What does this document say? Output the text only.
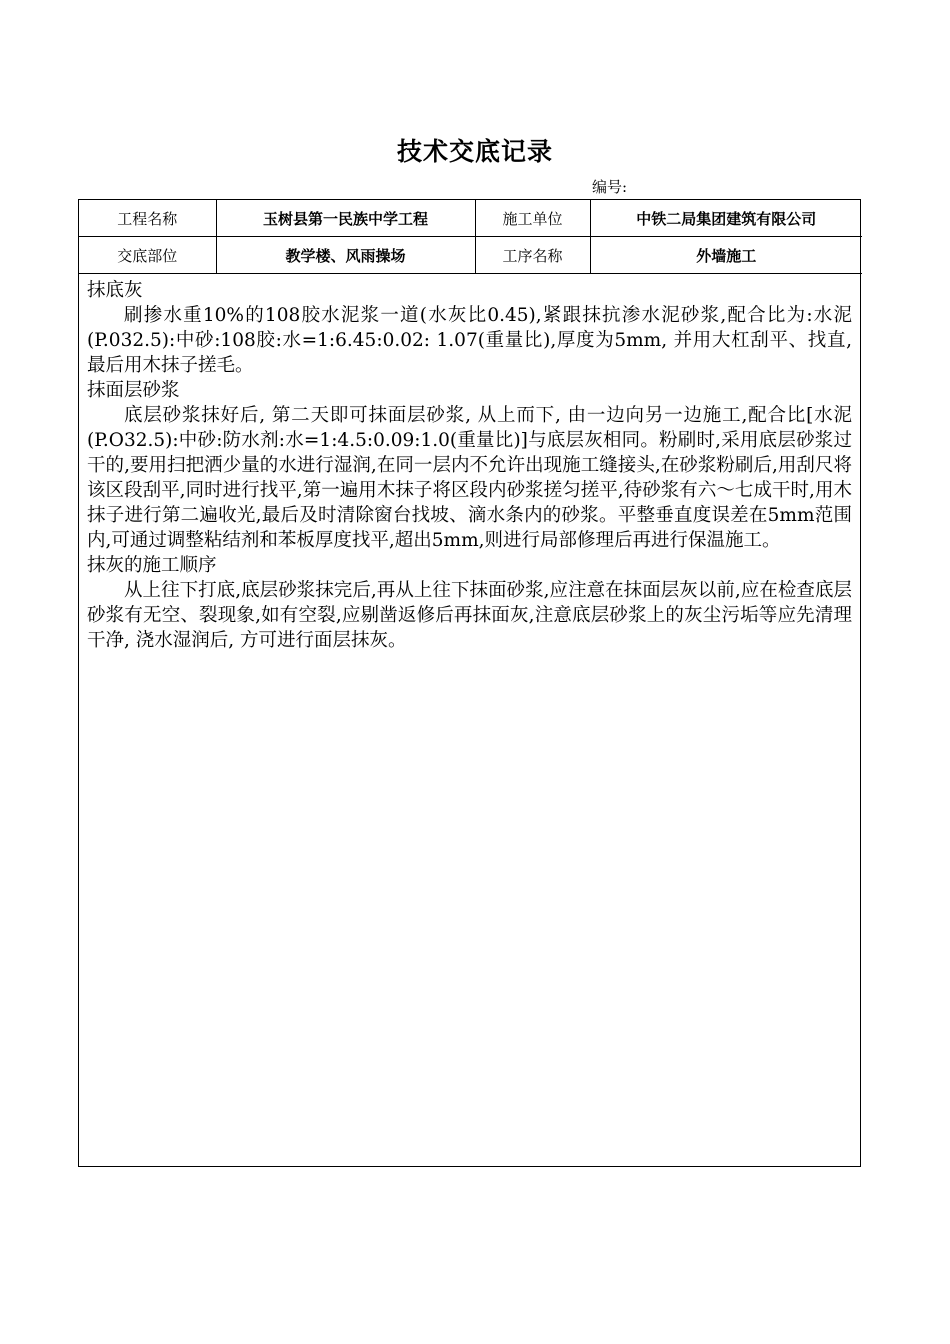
技术交底记录
编号:
工程名称	玉树县第一民族中学工程	施工单位	中铁二局集团建筑有限公司
交底部位	教学楼、风雨操场	工序名称	外墙施工

抹底灰

刷掺水重10%的108胶水泥浆一道(水灰比0.45),紧跟抹抗渗水泥砂浆,配合比为:水泥(P.032.5):中砂:108胶:水=1:6.45:0.02: 1.07(重量比),厚度为5mm, 并用大杠刮平、找直, 最后用木抹子搓毛。

抹面层砂浆

底层砂浆抹好后, 第二天即可抹面层砂浆, 从上而下, 由一边向另一边施工,配合比[水泥(P.O32.5):中砂:防水剂:水=1:4.5:0.09:1.0(重量比)]与底层灰相同。粉刷时,采用底层砂浆过干的,要用扫把洒少量的水进行湿润,在同一层内不允许出现施工缝接头,在砂浆粉刷后,用刮尺将该区段刮平,同时进行找平,第一遍用木抹子将区段内砂浆搓匀搓平,待砂浆有六～七成干时,用木抹子进行第二遍收光,最后及时清除窗台找坡、滴水条内的砂浆。平整垂直度误差在5mm范围内,可通过调整粘结剂和苯板厚度找平,超出5mm,则进行局部修理后再进行保温施工。

抹灰的施工顺序

从上往下打底,底层砂浆抹完后,再从上往下抹面砂浆,应注意在抹面层灰以前,应在检查底层砂浆有无空、裂现象,如有空裂,应剔凿返修后再抹面灰,注意底层砂浆上的灰尘污垢等应先清理干净, 浇水湿润后, 方可进行面层抹灰。
